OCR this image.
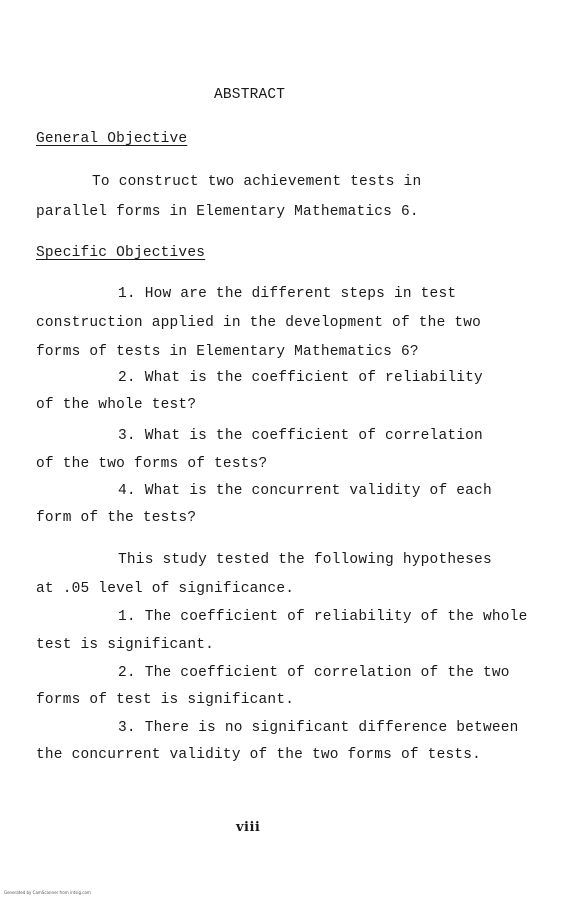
ABSTRACT
General Objective
To construct two achievement tests in
parallel forms in Elementary Mathematics 6.
Specific Objectives
1. How are the different steps in test
construction applied in the development of the two
forms of tests in Elementary Mathematics 6?
2. What is the coefficient of reliability
of the whole test?
3. What is the coefficient of correlation
of the two forms of tests?
4. What is the concurrent validity of each
form of the tests?
This study tested the following hypotheses
at .05 level of significance.
1. The coefficient of reliability of the whole
test is significant.
2. The coefficient of correlation of the two
forms of test is significant.
3. There is no significant difference between
the concurrent validity of the two forms of tests.
viii
Generated by CamScanner from intsig.com
